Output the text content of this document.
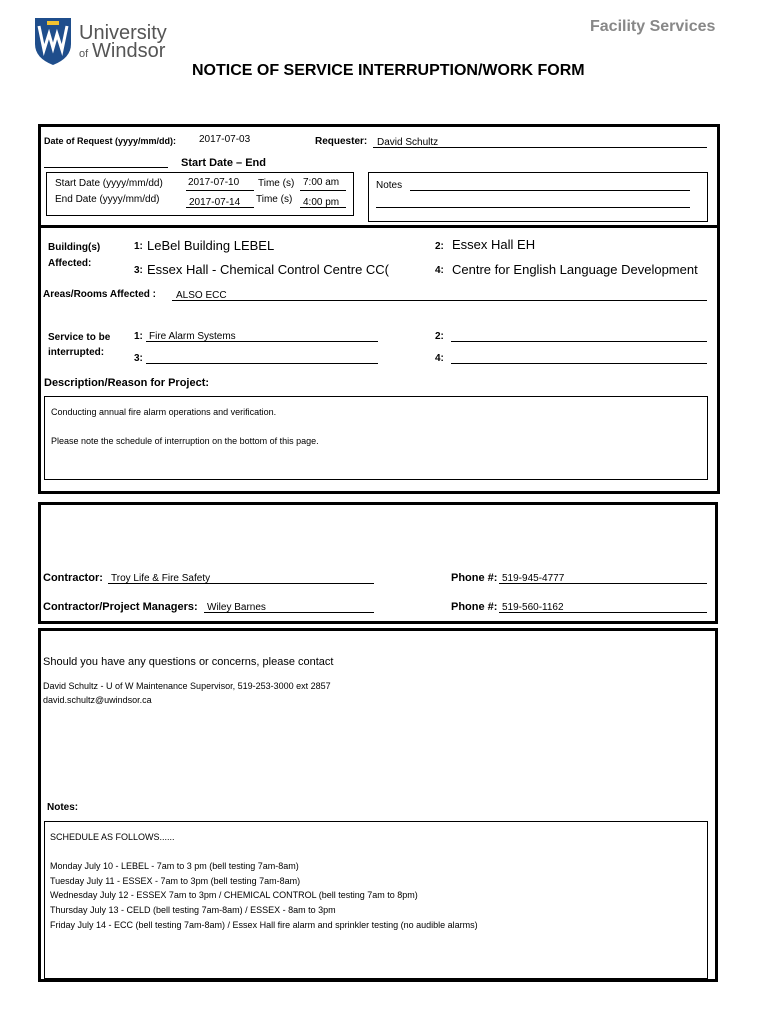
University
of Windsor
Facility Services
NOTICE OF SERVICE INTERRUPTION/WORK FORM
Date of Request (yyyy/mm/dd): 2017-07-03	Requester: David Schultz
Start Date – End
Start Date (yyyy/mm/dd)	2017-07-10 Time (s) 7:00 am
End Date (yyyy/mm/dd)	2017-07-14 Time (s) 4:00 pm
Notes
Building(s)
Affected:
1: LeBel Building LEBEL	2: Essex Hall EH
3: Essex Hall - Chemical Control Centre CC(	4: Centre for English Language Development
Areas/Rooms Affected : ALSO ECC
Service to be
interrupted:
1: Fire Alarm Systems	2:
3:	4:
Description/Reason for Project:
Conducting annual fire alarm operations and verification.
Please note the schedule of interruption on the bottom of this page.
Contractor: Troy Life & Fire Safety	Phone #: 519-945-4777
Contractor/Project Managers: Wiley Barnes	Phone #: 519-560-1162
Should you have any questions or concerns, please contact
David Schultz - U of W Maintenance Supervisor, 519-253-3000 ext 2857
david.schultz@uwindsor.ca
Notes:
SCHEDULE AS FOLLOWS......
Monday July 10 - LEBEL - 7am to 3 pm (bell testing 7am-8am)
Tuesday July 11 - ESSEX - 7am to 3pm (bell testing 7am-8am)
Wednesday July 12 - ESSEX 7am to 3pm / CHEMICAL CONTROL (bell testing 7am to 8pm)
Thursday July 13 - CELD (bell testing 7am-8am) / ESSEX - 8am to 3pm
Friday July 14 - ECC (bell testing 7am-8am) / Essex Hall fire alarm and sprinkler testing (no audible alarms)
